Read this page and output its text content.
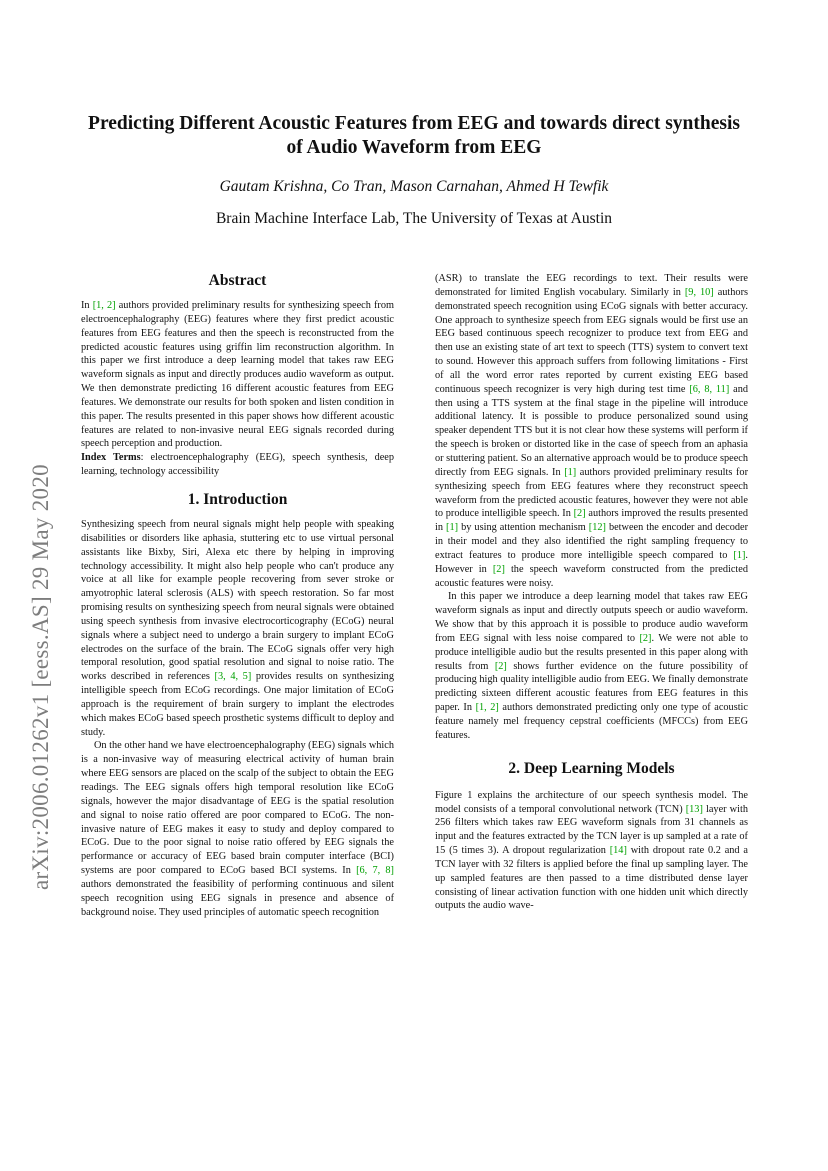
Predicting Different Acoustic Features from EEG and towards direct synthesis
of Audio Waveform from EEG
Gautam Krishna, Co Tran, Mason Carnahan, Ahmed H Tewfik
Brain Machine Interface Lab, The University of Texas at Austin
arXiv:2006.01262v1 [eess.AS] 29 May 2020
Abstract

In [1, 2] authors provided preliminary results for synthesizing speech from electroencephalography (EEG) features where they first predict acoustic features from EEG features and then the speech is reconstructed from the predicted acoustic features using griffin lim reconstruction algorithm. In this paper we first introduce a deep learning model that takes raw EEG waveform signals as input and directly produces audio waveform as output. We then demonstrate predicting 16 different acoustic features from EEG features. We demonstrate our results for both spoken and listen condition in this paper. The results presented in this paper shows how different acoustic features are related to non-invasive neural EEG signals recorded during speech perception and production.

Index Terms: electroencephalography (EEG), speech synthesis, deep learning, technology accessibility

1. Introduction

Synthesizing speech from neural signals might help people with speaking disabilities or disorders like aphasia, stuttering etc to use virtual personal assistants like Bixby, Siri, Alexa etc there by helping in improving technology accessibility. It might also help people who can't produce any voice at all like for example people recovering from sever stroke or amyotrophic lateral sclerosis (ALS) with speech restoration. So far most promising results on synthesizing speech from neural signals were obtained using speech synthesis from invasive electrocorticography (ECoG) neural signals where a subject need to undergo a brain surgery to implant ECoG electrodes on the surface of the brain. The ECoG signals offer very high temporal resolution, good spatial resolution and signal to noise ratio. The works described in references [3, 4, 5] provides results on synthesizing intelligible speech from ECoG recordings. One major limitation of ECoG approach is the requirement of brain surgery to implant the electrodes which makes ECoG based speech prosthetic systems difficult to deploy and study.

On the other hand we have electroencephalography (EEG) signals which is a non-invasive way of measuring electrical activity of human brain where EEG sensors are placed on the scalp of the subject to obtain the EEG readings. The EEG signals offers high temporal resolution like ECoG signals, however the major disadvantage of EEG is the spatial resolution and signal to noise ratio offered are poor compared to ECoG. The non-invasive nature of EEG makes it easy to study and deploy compared to ECoG. Due to the poor signal to noise ratio offered by EEG signals the performance or accuracy of EEG based brain computer interface (BCI) systems are poor compared to ECoG based BCI systems. In [6, 7, 8] authors demonstrated the feasibility of performing continuous and silent speech recognition using EEG signals in presence and absence of background noise. They used principles of automatic speech recognition

(ASR) to translate the EEG recordings to text. Their results were demonstrated for limited English vocabulary. Similarly in [9, 10] authors demonstrated speech recognition using ECoG signals with better accuracy. One approach to synthesize speech from EEG signals would be first use an EEG based continuous speech recognizer to produce text from EEG and then use an existing state of art text to speech (TTS) system to convert text to sound. However this approach suffers from following limitations - First of all the word error rates reported by current existing EEG based continuous speech recognizer is very high during test time [6, 8, 11] and then using a TTS system at the final stage in the pipeline will introduce additional latency. It is possible to produce personalized sound using speaker dependent TTS but it is not clear how these systems will perform if the speech is broken or distorted like in the case of speech from an aphasia or stuttering patient. So an alternative approach would be to produce speech directly from EEG signals. In [1] authors provided preliminary results for synthesizing speech from EEG features where they reconstruct speech waveform from the predicted acoustic features, however they were not able to produce intelligible speech. In [2] authors improved the results presented in [1] by using attention mechanism [12] between the encoder and decoder in their model and they also identified the right sampling frequency to extract features to produce more intelligible speech compared to [1]. However in [2] the speech waveform constructed from the predicted acoustic features were noisy.

In this paper we introduce a deep learning model that takes raw EEG waveform signals as input and directly outputs speech or audio waveform. We show that by this approach it is possible to produce audio waveform from EEG signal with less noise compared to [2]. We were not able to produce intelligible audio but the results presented in this paper along with results from [2] shows further evidence on the future possibility of producing high quality intelligible audio from EEG. We finally demonstrate predicting sixteen different acoustic features from EEG features in this paper. In [1, 2] authors demonstrated predicting only one type of acoustic feature namely mel frequency cepstral coefficients (MFCCs) from EEG features.

2. Deep Learning Models

Figure 1 explains the architecture of our speech synthesis model. The model consists of a temporal convolutional network (TCN) [13] layer with 256 filters which takes raw EEG waveform signals from 31 channels as input and the features extracted by the TCN layer is up sampled at a rate of 15 (5 times 3). A dropout regularization [14] with dropout rate 0.2 and a TCN layer with 32 filters is applied before the final up sampling layer. The up sampled features are then passed to a time distributed dense layer consisting of linear activation function with one hidden unit which directly outputs the audio wave-
